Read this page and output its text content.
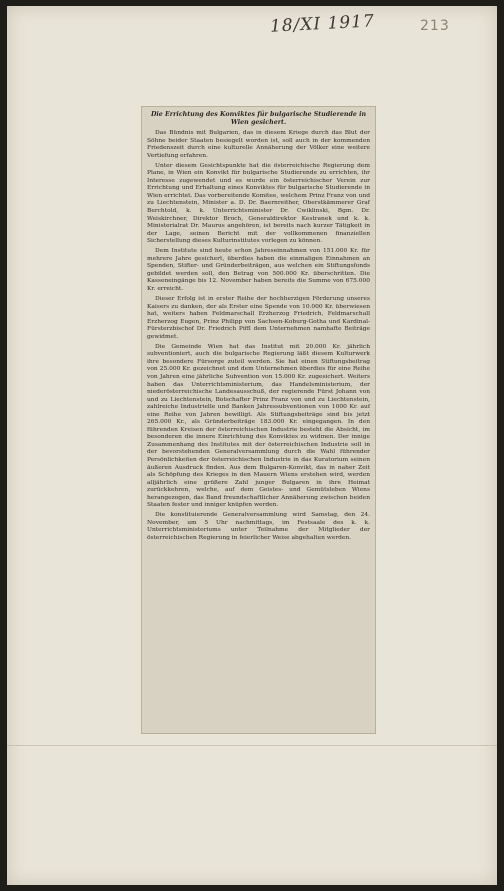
18/XI 1917	213
Die Errichtung des Konviktes für bulgarische Studierende in Wien gesichert.

Das Bündnis mit Bulgarien, das in diesem Kriege durch das Blut der Söhne beider Staaten besiegelt worden ist, soll auch in der kommenden Friedenszeit durch eine kulturelle Annäherung der Völker eine weitere Vertiefung erfahren.

Unter diesem Gesichtspunkte hat die österreichische Regierung dem Plane, in Wien ein Konvikt für bulgarische Studierende zu errichten, ihr Interesse zugewendet und es wurde ein österreichischer Verein zur Errichtung und Erhaltung eines Konviktes für bulgarische Studierende in Wien errichtet. Das vorbereitende Komitee, welchem Prinz Franz von und zu Liechtenstein, Minister a. D. Dr. Baernreither, Oberstkämmerer Graf Berchtold, k. k. Unterrichtsminister Dr. Cwiklinski, Bgm. Dr. Weiskirchner, Direktor Broch, Generaldirektor Kestranek und k. k. Ministerialrat Dr. Maurus angehören, ist bereits nach kurzer Tätigkeit in der Lage, seinen Bericht mit der vollkommenen finanziellen Sicherstellung dieses Kulturinstitutes vorlegen zu können.

Dem Institute sind heute schon Jahreseinnahmen von 151.000 Kr. für mehrere Jahre gesichert, überdies haben die einmaligen Einnahmen an Spenden, Stifter- und Gründerbeiträgen, aus welchen ein Stiftungsfonds gebildet werden soll, den Betrag von 500.000 Kr. überschritten. Die Kasseneingänge bis 12. November haben bereits die Summe von 675.000 Kr. erreicht.

Dieser Erfolg ist in erster Reihe der hochherzigen Förderung unseres Kaisers zu danken, der als Erster eine Spende von 10.000 Kr. überwiesen hat, weiters haben Feldmarschall Erzherzog Friedrich, Feldmarschall Erzherzog Eugen, Prinz Philipp von Sachsen-Koburg-Gotha und Kardinal-Fürsterzbischof Dr. Friedrich Piffl dem Unternehmen namhafte Beiträge gewidmet.

Die Gemeinde Wien hat das Institut mit 20.000 Kr. jährlich subventioniert, auch die bulgarische Regierung läßt diesem Kulturwerk ihre besondere Fürsorge zuteil werden. Sie hat einen Stiftungsbeitrag von 25.000 Kr. gezeichnet und dem Unternehmen überdies für eine Reihe von Jahren eine jährliche Subvention von 15.000 Kr. zugesichert. Weiters haben das Unterrichtsministerium, das Handelsministerium, der niederösterreichische Landesausschuß, der regierende Fürst Johann von und zu Liechtenstein, Botschafter Prinz Franz von und zu Liechtenstein, zahlreiche Industrielle und Banken Jahressubventionen von 1000 Kr. auf eine Reihe von Jahren bewilligt. Als Stiftungsbeiträge sind bis jetzt 265.000 Kr., als Gründerbeiträge 183.000 Kr. eingegangen. In den führenden Kreisen der österreichischen Industrie besteht die Absicht, im besonderen die innere Einrichtung des Konviktes zu widmen. Der innige Zusammenhang des Institutes mit der österreichischen Industrie soll in der bevorstehenden Generalversammlung durch die Wahl führender Persönlichkeiten der österreichischen Industrie in das Kuratorium seinen äußeren Ausdruck finden. Aus dem Bulgaren-Konvikt, das in naher Zeit als Schöpfung des Krieges in den Mauern Wiens erstehen wird, werden alljährlich eine größere Zahl junger Bulgaren in ihre Heimat zurückkehren, welche, auf dem Geistes- und Gemütsleben Wiens herangezogen, das Band freundschaftlicher Annäherung zwischen beiden Staaten fester und inniger knüpfen werden.

Die konstituierende Generalversammlung wird Samstag, den 24. November, um 5 Uhr nachmittags, im Festsaale des k. k. Unterrichtsministeriums unter Teilnahme der Mitglieder der österreichischen Regierung in feierlicher Weise abgehalten werden.
